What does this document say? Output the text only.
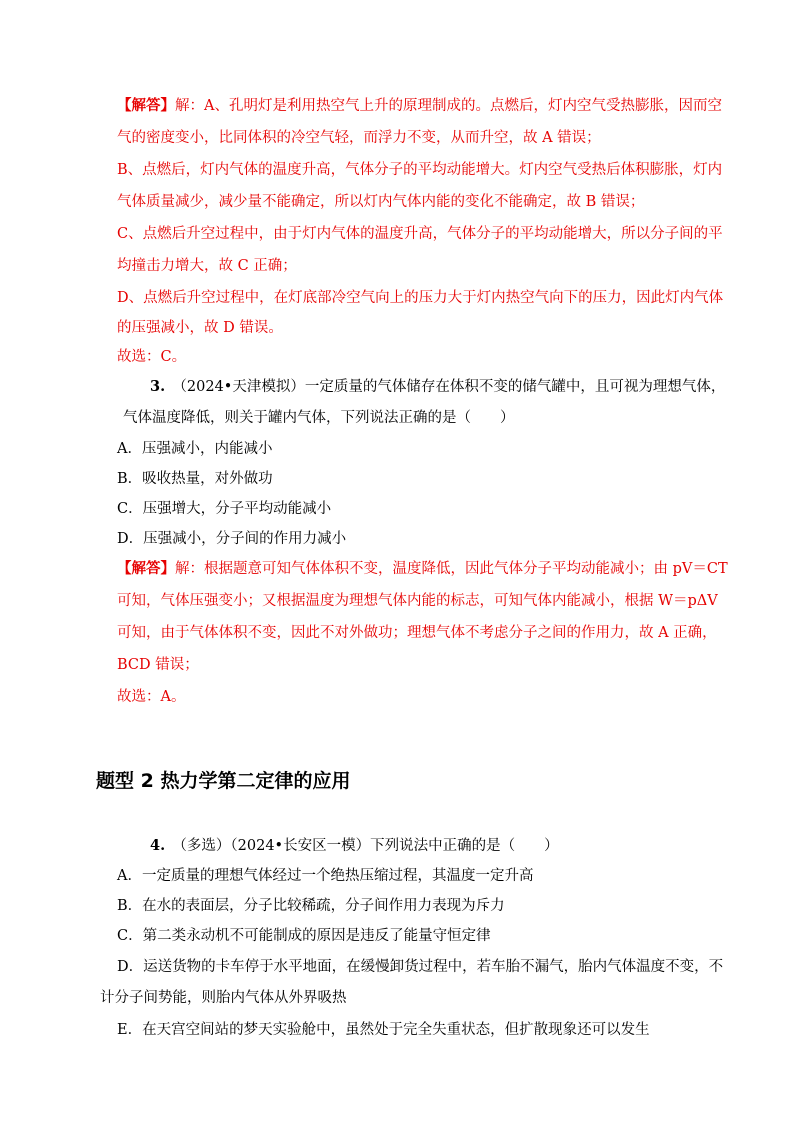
【解答】解：A、孔明灯是利用热空气上升的原理制成的。点燃后，灯内空气受热膨胀，因而空
气的密度变小，比同体积的冷空气轻，而浮力不变，从而升空，故 A 错误；
B、点燃后，灯内气体的温度升高，气体分子的平均动能增大。灯内空气受热后体积膨胀，灯内
气体质量减少，减少量不能确定，所以灯内气体内能的变化不能确定，故 B 错误；
C、点燃后升空过程中，由于灯内气体的温度升高，气体分子的平均动能增大，所以分子间的平
均撞击力增大，故 C 正确；
D、点燃后升空过程中，在灯底部冷空气向上的压力大于灯内热空气向下的压力，因此灯内气体
的压强减小，故 D 错误。
故选：C。
3.　 （2024•天津模拟）一定质量的气体储存在体积不变的储气罐中，且可视为理想气体，
气体温度降低，则关于罐内气体，下列说法正确的是（　　）
A．压强减小，内能减小
B．吸收热量，对外做功
C．压强增大，分子平均动能减小
D．压强减小，分子间的作用力减小
【解答】解：根据题意可知气体体积不变，温度降低，因此气体分子平均动能减小；由 pV＝CT
可知，气体压强变小；又根据温度为理想气体内能的标志，可知气体内能减小，根据 W＝pΔV
可知，由于气体体积不变，因此不对外做功；理想气体不考虑分子之间的作用力，故 A 正确，
BCD 错误；
故选：A。
题型 2 热力学第二定律的应用
4.　 （多选）（2024•长安区一模）下列说法中正确的是（　　）
A．一定质量的理想气体经过一个绝热压缩过程，其温度一定升高
B．在水的表面层，分子比较稀疏，分子间作用力表现为斥力
C．第二类永动机不可能制成的原因是违反了能量守恒定律
D．运送货物的卡车停于水平地面，在缓慢卸货过程中，若车胎不漏气，胎内气体温度不变，不
计分子间势能，则胎内气体从外界吸热
E．在天宫空间站的梦天实验舱中，虽然处于完全失重状态，但扩散现象还可以发生
